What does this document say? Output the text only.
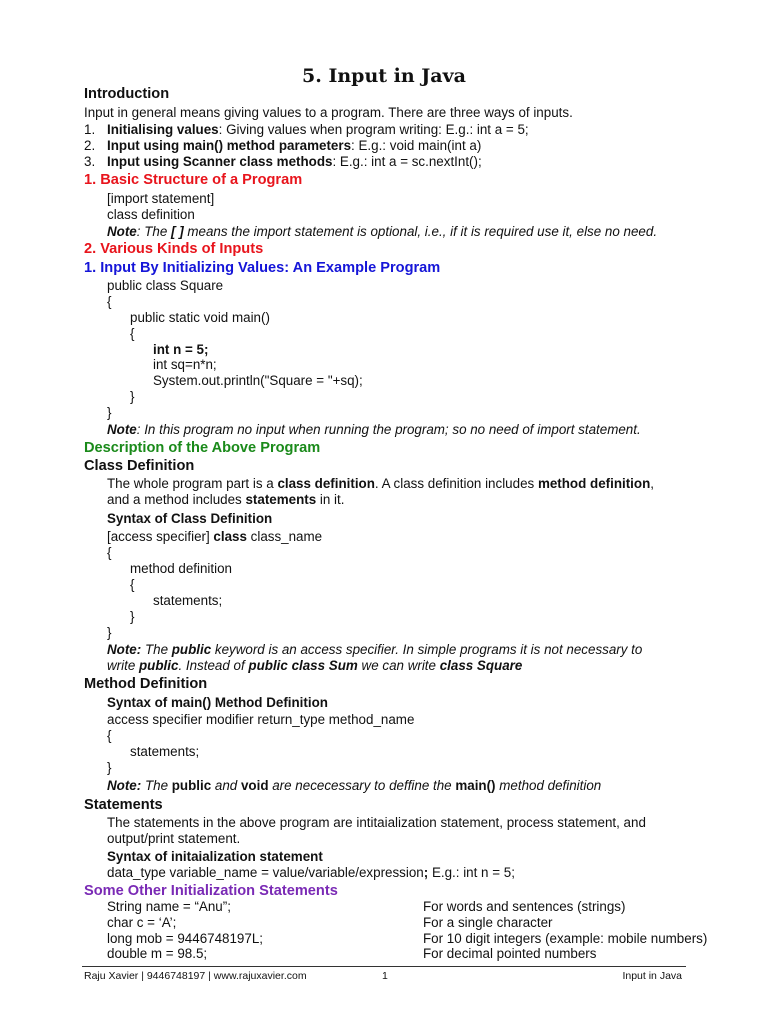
5. Input in Java
Introduction
Input in general means giving values to a program. There are three ways of inputs.
1. Initialising values: Giving values when program writing: E.g.: int a = 5;
2. Input using main() method parameters: E.g.: void main(int a)
3. Input using Scanner class methods: E.g.: int a = sc.nextInt();
1. Basic Structure of a Program
[import statement]
class definition
Note: The [ ] means the import statement is optional, i.e., if it is required use it, else no need.
2. Various Kinds of Inputs
1. Input By Initializing Values: An Example Program
public class Square
{
public static void main()
{
int n = 5;
int sq=n*n;
System.out.println("Square = "+sq);
}
}
Note: In this program no input when running the program; so no need of import statement.
Description of the Above Program
Class Definition
The whole program part is a class definition. A class definition includes method definition,
and a method includes statements in it.
Syntax of Class Definition
[access specifier] class class_name
{
method definition
{
statements;
}
}
Note: The public keyword is an access specifier. In simple programs it is not necessary to
write public. Instead of public class Sum we can write class Square
Method Definition
Syntax of main() Method Definition
access specifier modifier return_type method_name
{
statements;
}
Note: The public and void are nececessary to deffine the main() method definition
Statements
The statements in the above program are intitaialization statement, process statement, and
output/print statement.
Syntax of initaialization statement
data_type variable_name = value/variable/expression; E.g.: int n = 5;
Some Other Initialization Statements
String name = “Anu”;	For words and sentences (strings)
char c = ‘A’;	For a single character
long mob = 9446748197L;	For 10 digit integers (example: mobile numbers)
double m = 98.5;	For decimal pointed numbers
Raju Xavier | 9446748197 | www.rajuxavier.com	1	Input in Java
